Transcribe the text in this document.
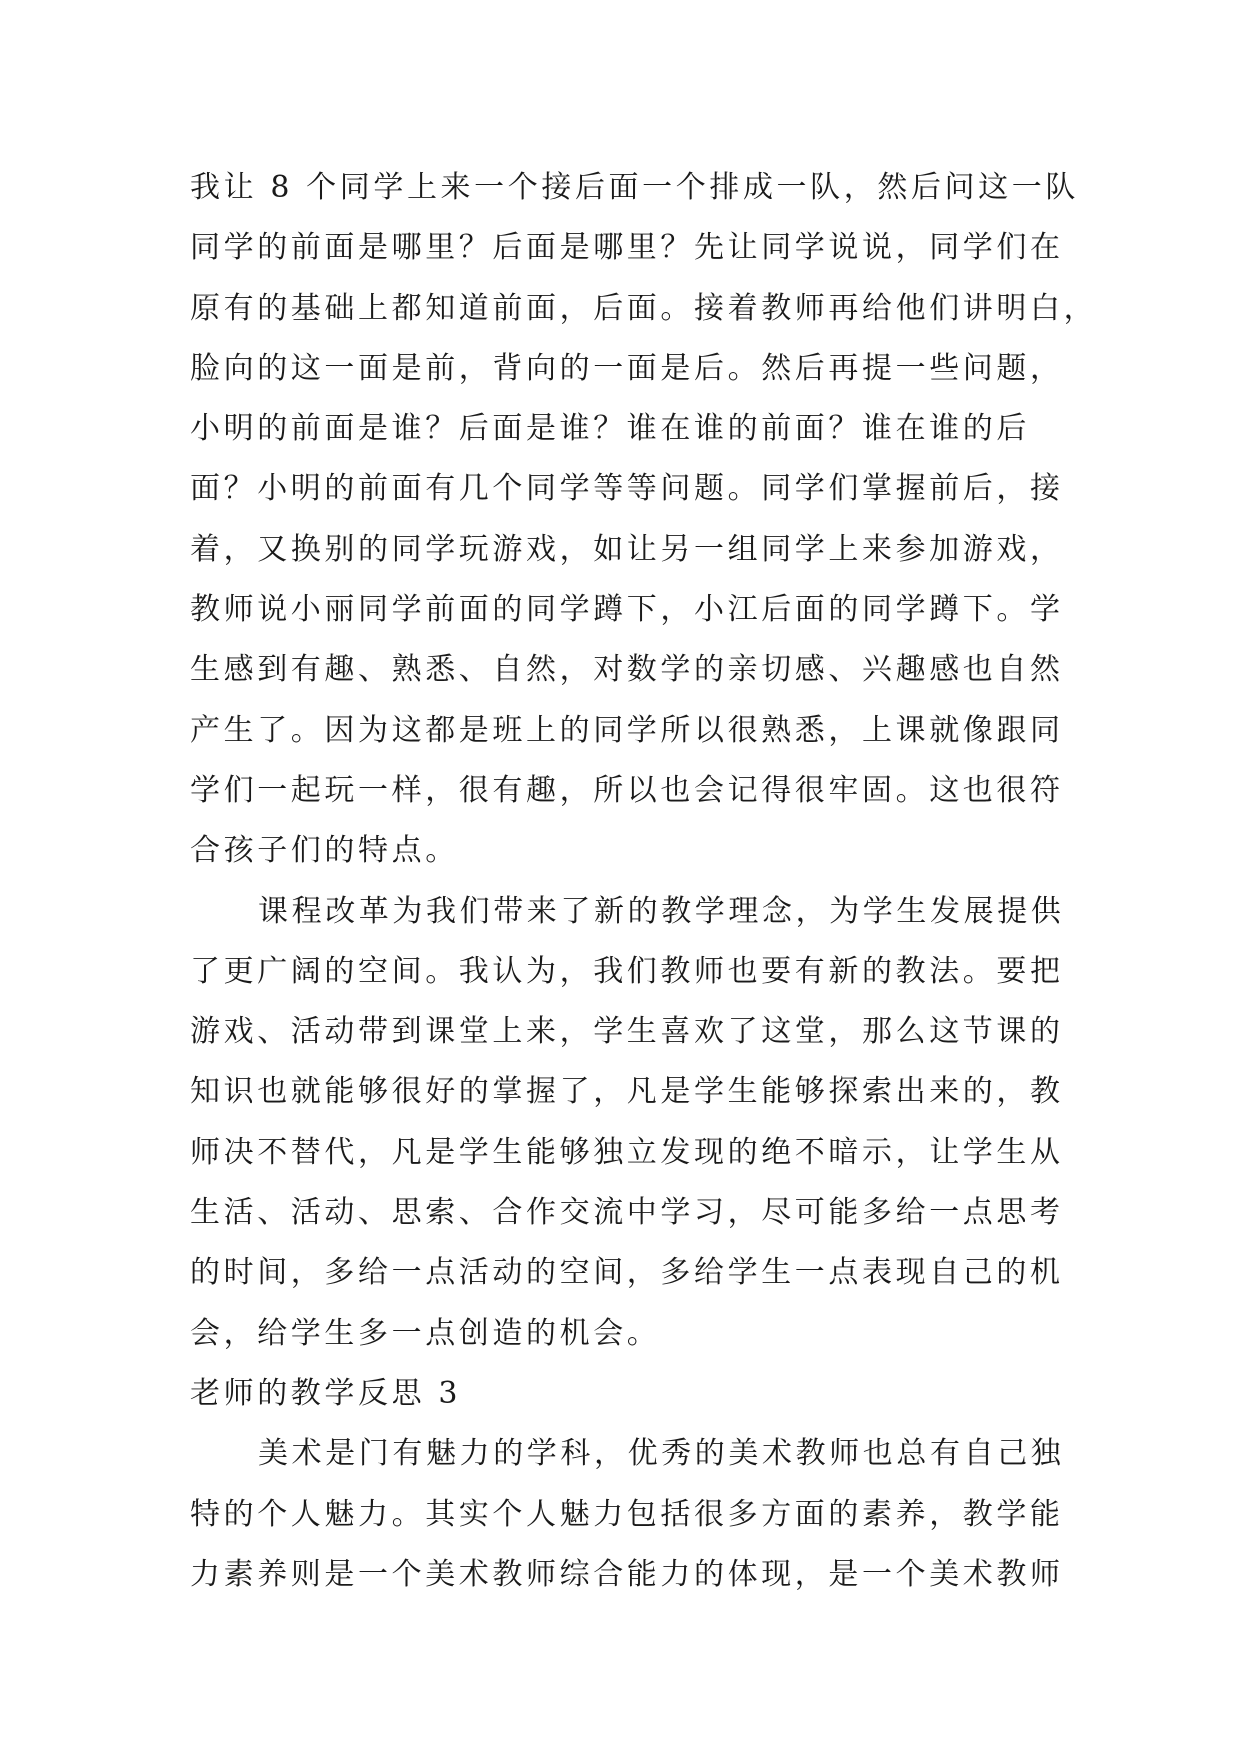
我让 8 个同学上来一个接后面一个排成一队，然后问这一队
同学的前面是哪里？后面是哪里？先让同学说说，同学们在
原有的基础上都知道前面，后面。接着教师再给他们讲明白，
脸向的这一面是前，背向的一面是后。然后再提一些问题，
小明的前面是谁？后面是谁？谁在谁的前面？谁在谁的后
面？小明的前面有几个同学等等问题。同学们掌握前后，接
着，又换别的同学玩游戏，如让另一组同学上来参加游戏，
教师说小丽同学前面的同学蹲下，小江后面的同学蹲下。学
生感到有趣、熟悉、自然，对数学的亲切感、兴趣感也自然
产生了。因为这都是班上的同学所以很熟悉，上课就像跟同
学们一起玩一样，很有趣，所以也会记得很牢固。这也很符
合孩子们的特点。
课程改革为我们带来了新的教学理念，为学生发展提供
了更广阔的空间。我认为，我们教师也要有新的教法。要把
游戏、活动带到课堂上来，学生喜欢了这堂，那么这节课的
知识也就能够很好的掌握了，凡是学生能够探索出来的，教
师决不替代，凡是学生能够独立发现的绝不暗示，让学生从
生活、活动、思索、合作交流中学习，尽可能多给一点思考
的时间，多给一点活动的空间，多给学生一点表现自己的机
会，给学生多一点创造的机会。
老师的教学反思 3
美术是门有魅力的学科，优秀的美术教师也总有自己独
特的个人魅力。其实个人魅力包括很多方面的素养，教学能
力素养则是一个美术教师综合能力的体现，是一个美术教师
